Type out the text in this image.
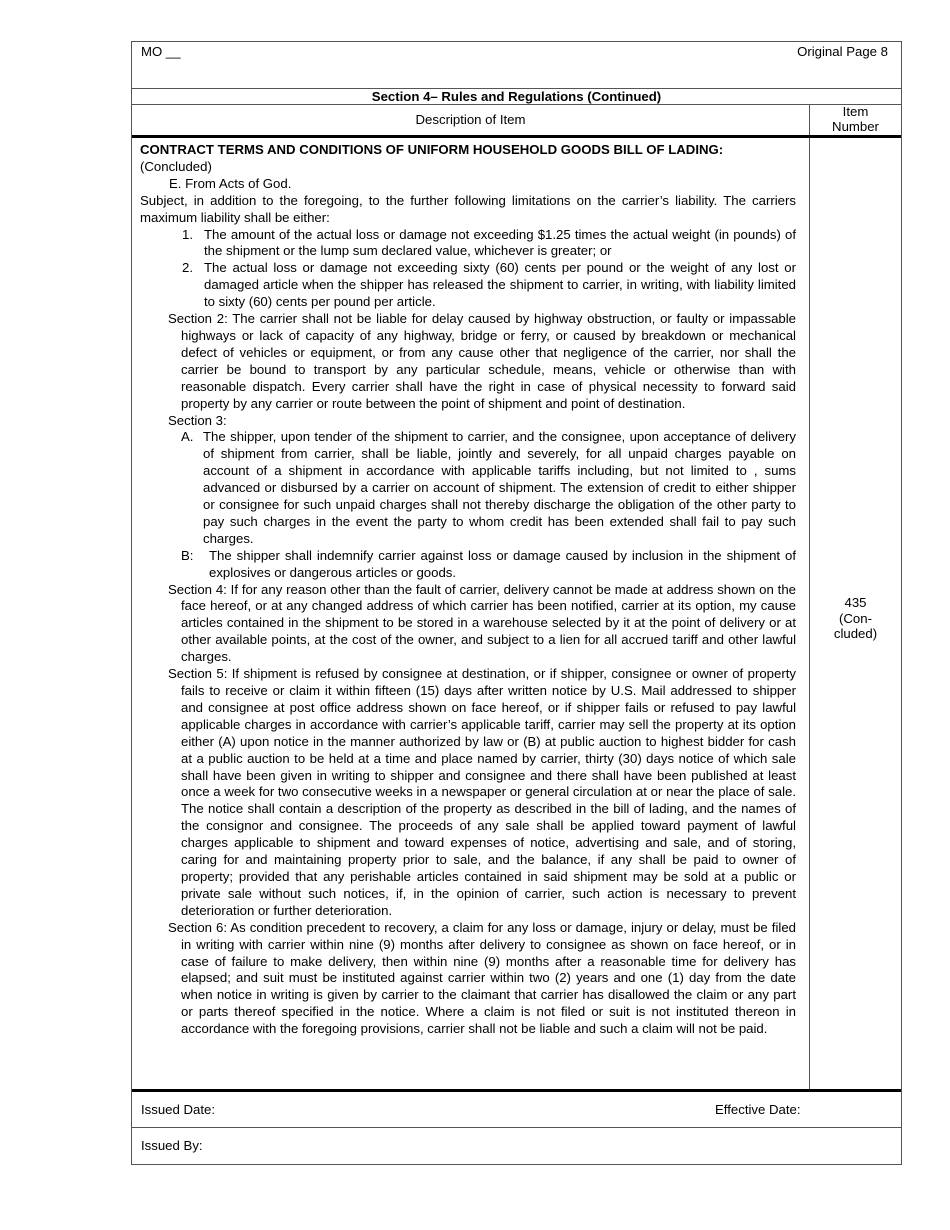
MO __	Original Page 8
Section 4– Rules and Regulations (Continued)
Description of Item
Item
Number
CONTRACT TERMS AND CONDITIONS OF UNIFORM HOUSEHOLD GOODS BILL OF LADING:
(Concluded)
E. From Acts of God.
Subject, in addition to the foregoing, to the further following limitations on the carrier’s liability. The carriers maximum liability shall be either:
1. The amount of the actual loss or damage not exceeding $1.25 times the actual weight (in pounds) of the shipment or the lump sum declared value, whichever is greater; or
2. The actual loss or damage not exceeding sixty (60) cents per pound or the weight of any lost or damaged article when the shipper has released the shipment to carrier, in writing, with liability limited to sixty (60) cents per pound per article.
Section 2: The carrier shall not be liable for delay caused by highway obstruction, or faulty or impassable highways or lack of capacity of any highway, bridge or ferry, or caused by breakdown or mechanical defect of vehicles or equipment, or from any cause other that negligence of the carrier, nor shall the carrier be bound to transport by any particular schedule, means, vehicle or otherwise than with reasonable dispatch. Every carrier shall have the right in case of physical necessity to forward said property by any carrier or route between the point of shipment and point of destination.
Section 3:
A. The shipper, upon tender of the shipment to carrier, and the consignee, upon acceptance of delivery of shipment from carrier, shall be liable, jointly and severely, for all unpaid charges payable on account of a shipment in accordance with applicable tariffs including, but not limited to , sums advanced or disbursed by a carrier on account of shipment. The extension of credit to either shipper or consignee for such unpaid charges shall not thereby discharge the obligation of the other party to pay such charges in the event the party to whom credit has been extended shall fail to pay such charges.
B:	The shipper shall indemnify carrier against loss or damage caused by inclusion in the shipment of explosives or dangerous articles or goods.
Section 4: If for any reason other than the fault of carrier, delivery cannot be made at address shown on the face hereof, or at any changed address of which carrier has been notified, carrier at its option, my cause articles contained in the shipment to be stored in a warehouse selected by it at the point of delivery or at other available points, at the cost of the owner, and subject to a lien for all accrued tariff and other lawful charges.
Section 5: If shipment is refused by consignee at destination, or if shipper, consignee or owner of property fails to receive or claim it within fifteen (15) days after written notice by U.S. Mail addressed to shipper and consignee at post office address shown on face hereof, or if shipper fails or refused to pay lawful applicable charges in accordance with carrier’s applicable tariff, carrier may sell the property at its option either (A) upon notice in the manner authorized by law or (B) at public auction to highest bidder for cash at a public auction to be held at a time and place named by carrier, thirty (30) days notice of which sale shall have been given in writing to shipper and consignee and there shall have been published at least once a week for two consecutive weeks in a newspaper or general circulation at or near the place of sale. The notice shall contain a description of the property as described in the bill of lading, and the names of the consignor and consignee. The proceeds of any sale shall be applied toward payment of lawful charges applicable to shipment and toward expenses of notice, advertising and sale, and of storing, caring for and maintaining property prior to sale, and the balance, if any shall be paid to owner of property; provided that any perishable articles contained in said shipment may be sold at a public or private sale without such notices, if, in the opinion of carrier, such action is necessary to prevent deterioration or further deterioration.
Section 6: As condition precedent to recovery, a claim for any loss or damage, injury or delay, must be filed in writing with carrier within nine (9) months after delivery to consignee as shown on face hereof, or in case of failure to make delivery, then within nine (9) months after a reasonable time for delivery has elapsed; and suit must be instituted against carrier within two (2) years and one (1) day from the date when notice in writing is given by carrier to the claimant that carrier has disallowed the claim or any part or parts thereof specified in the notice. Where a claim is not filed or suit is not instituted thereon in accordance with the foregoing provisions, carrier shall not be liable and such a claim will not be paid.
435
(Con-
cluded)
Issued Date:	Effective Date:
Issued By:
